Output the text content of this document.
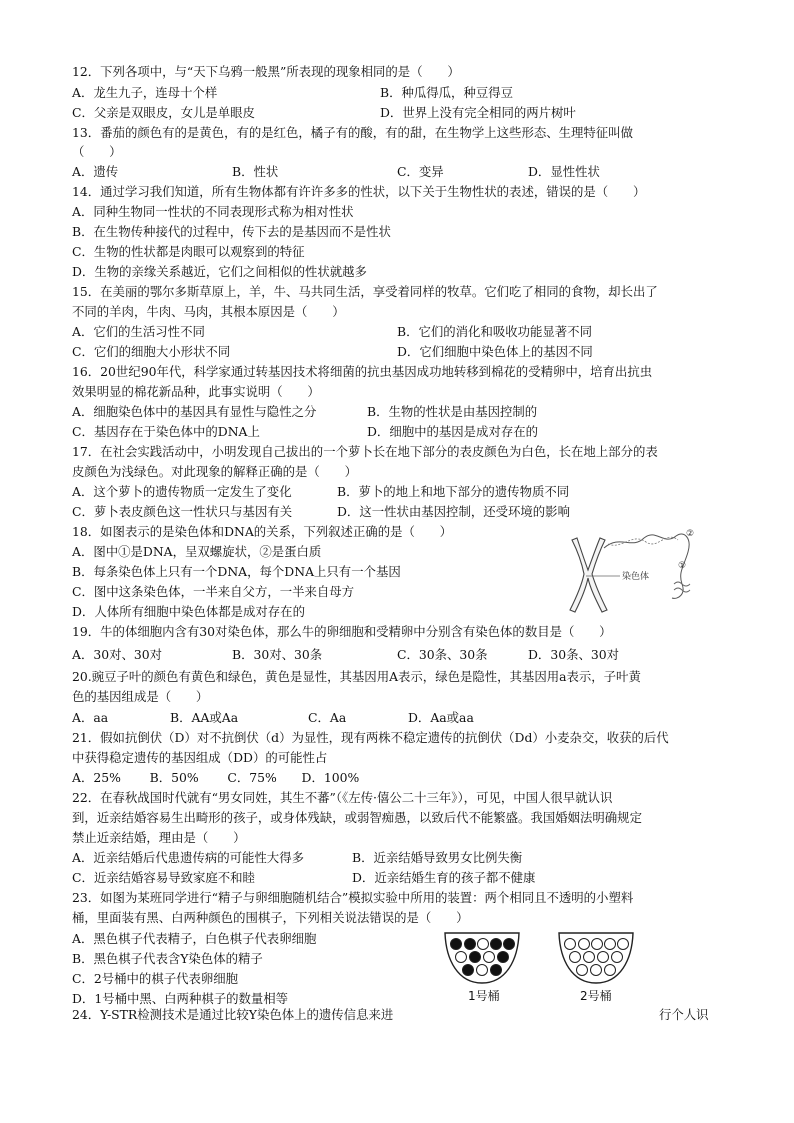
12．下列各项中，与“天下乌鸦一般黑”所表现的现象相同的是（　　）
A．龙生九子，连母十个样	B．种瓜得瓜，种豆得豆
C．父亲是双眼皮，女儿是单眼皮	D．世界上没有完全相同的两片树叶
13．番茄的颜色有的是黄色，有的是红色，橘子有的酸，有的甜，在生物学上这些形态、生理特征叫做
（　　）
A．遗传	B．性状	C．变异	D．显性性状
14．通过学习我们知道，所有生物体都有许许多多的性状，以下关于生物性状的表述，错误的是（　　）
A．同种生物同一性状的不同表现形式称为相对性状
B．在生物传种接代的过程中，传下去的是基因而不是性状
C．生物的性状都是肉眼可以观察到的特征
D．生物的亲缘关系越近，它们之间相似的性状就越多
15．在美丽的鄂尔多斯草原上，羊，牛、马共同生活，享受着同样的牧草。它们吃了相同的食物，却长出了
不同的羊肉，牛肉、马肉，其根本原因是（　　）
A．它们的生活习性不同	B．它们的消化和吸收功能显著不同
C．它们的细胞大小形状不同	D．它们细胞中染色体上的基因不同
16．20世纪90年代，科学家通过转基因技术将细菌的抗虫基因成功地转移到棉花的受精卵中，培育出抗虫
效果明显的棉花新品种，此事实说明（　　）
A．细胞染色体中的基因具有显性与隐性之分	B．生物的性状是由基因控制的
C．基因存在于染色体中的DNA上	D．细胞中的基因是成对存在的
17．在社会实践活动中，小明发现自己拔出的一个萝卜长在地下部分的表皮颜色为白色，长在地上部分的表
皮颜色为浅绿色。对此现象的解释正确的是（　　）
A．这个萝卜的遗传物质一定发生了变化	B．萝卜的地上和地下部分的遗传物质不同
C．萝卜表皮颜色这一性状只与基因有关	D．这一性状由基因控制，还受环境的影响
18．如图表示的是染色体和DNA的关系，下列叙述正确的是（　　）
A．图中①是DNA，呈双螺旋状，②是蛋白质
B．每条染色体上只有一个DNA，每个DNA上只有一个基因
C．图中这条染色体，一半来自父方，一半来自母方
D．人体所有细胞中染色体都是成对存在的
染色体
②
①
19．牛的体细胞内含有30对染色体，那么牛的卵细胞和受精卵中分别含有染色体的数目是（　　）
A．30对、30对	B．30对、30条	C．30条、30条	D．30条、30对
20.豌豆子叶的颜色有黄色和绿色，黄色是显性，其基因用A表示，绿色是隐性，其基因用a表示，子叶黄
色的基因组成是（　　）
A．aa	B．AA或Aa	C．Aa	D．Aa或aa
21．假如抗倒伏（D）对不抗倒伏（d）为显性，现有两株不稳定遗传的抗倒伏（Dd）小麦杂交，收获的后代
中获得稳定遗传的基因组成（DD）的可能性占
A．25%　　 B．50%　　 C．75%　　D．100%
22．在春秋战国时代就有“男女同姓，其生不蕃”（《左传·僖公二十三年》），可见，中国人很早就认识
到，近亲结婚容易生出畸形的孩子，或身体残缺，或弱智痴愚，以致后代不能繁盛。我国婚姻法明确规定
禁止近亲结婚，理由是（　　）
A．近亲结婚后代患遗传病的可能性大得多	B．近亲结婚导致男女比例失衡
C．近亲结婚容易导致家庭不和睦	D．近亲结婚生育的孩子都不健康
23．如图为某班同学进行“精子与卵细胞随机结合”模拟实验中所用的装置：两个相同且不透明的小塑料
桶，里面装有黑、白两种颜色的围棋子，下列相关说法错误的是（　　）
A．黑色棋子代表精子，白色棋子代表卵细胞
B．黑色棋子代表含Y染色体的精子
C．2号桶中的棋子代表卵细胞
D．1号桶中黑、白两种棋子的数量相等	1号桶	2号桶
24．Y-STR检测技术是通过比较Y染色体上的遗传信息来进	行个人识
